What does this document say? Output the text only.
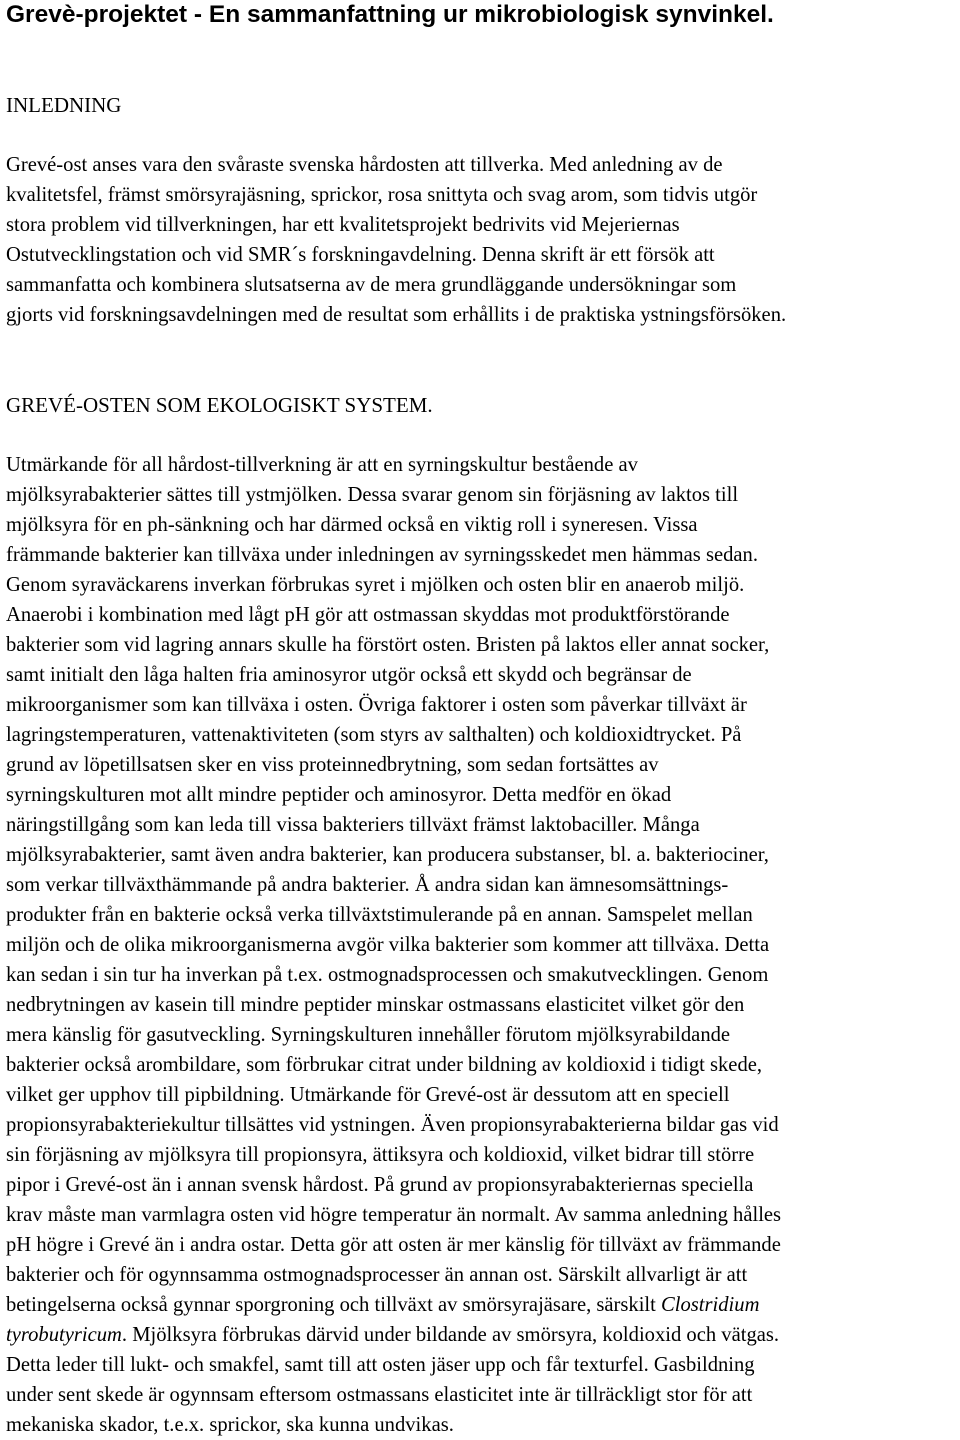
Grevè-projektet - En sammanfattning ur mikrobiologisk synvinkel.
INLEDNING
Grevé-ost anses vara den svåraste svenska hårdosten att tillverka. Med anledning av de
kvalitetsfel, främst smörsyrajäsning, sprickor, rosa snittyta och svag arom, som tidvis utgör
stora problem vid tillverkningen, har ett kvalitetsprojekt bedrivits vid Mejeriernas
Ostutvecklingstation och vid SMR´s forskningavdelning. Denna skrift är ett försök att
sammanfatta och kombinera slutsatserna av de mera grundläggande undersökningar som
gjorts vid forskningsavdelningen med de resultat som erhållits i de praktiska ystningsförsöken.
GREVÉ-OSTEN SOM EKOLOGISKT SYSTEM.
Utmärkande för all hårdost-tillverkning är att en syrningskultur bestående av
mjölksyrabakterier sättes till ystmjölken. Dessa svarar genom sin förjäsning av laktos till
mjölksyra för en ph-sänkning och har därmed också en viktig roll i syneresen. Vissa
främmande bakterier kan tillväxa under inledningen av syrningsskedet men hämmas sedan.
Genom syraväckarens inverkan förbrukas syret i mjölken och osten blir en anaerob miljö.
Anaerobi i kombination med lågt pH gör att ostmassan skyddas mot produktförstörande
bakterier som vid lagring annars skulle ha förstört osten. Bristen på laktos eller annat socker,
samt initialt den låga halten fria aminosyror utgör också ett skydd och begränsar de
mikroorganismer som kan tillväxa i osten. Övriga faktorer i osten som påverkar tillväxt är
lagringstemperaturen, vattenaktiviteten (som styrs av salthalten) och koldioxidtrycket. På
grund av löpetillsatsen sker en viss proteinnedbrytning, som sedan fortsättes av
syrningskulturen mot allt mindre peptider och aminosyror. Detta medför en ökad
näringstillgång som kan leda till vissa bakteriers tillväxt främst laktobaciller. Många
mjölksyrabakterier, samt även andra bakterier, kan producera substanser, bl. a. bakteriociner,
som verkar tillväxthämmande på andra bakterier. Å andra sidan kan ämnesomsättnings-
produkter från en bakterie också verka tillväxtstimulerande på en annan. Samspelet mellan
miljön och de olika mikroorganismerna avgör vilka bakterier som kommer att tillväxa. Detta
kan sedan i sin tur ha inverkan på t.ex. ostmognadsprocessen och smakutvecklingen. Genom
nedbrytningen av kasein till mindre peptider minskar ostmassans elasticitet vilket gör den
mera känslig för gasutveckling. Syrningskulturen innehåller förutom mjölksyrabildande
bakterier också arombildare, som förbrukar citrat under bildning av koldioxid i tidigt skede,
vilket ger upphov till pipbildning. Utmärkande för Grevé-ost är dessutom att en speciell
propionsyrabakteriekultur tillsättes vid ystningen. Även propionsyrabakterierna bildar gas vid
sin förjäsning av mjölksyra till propionsyra, ättiksyra och koldioxid, vilket bidrar till större
pipor i Grevé-ost än i annan svensk hårdost. På grund av propionsyrabakteriernas speciella
krav måste man varmlagra osten vid högre temperatur än normalt. Av samma anledning hålles
pH högre i Grevé än i andra ostar. Detta gör att osten är mer känslig för tillväxt av främmande
bakterier och för ogynnsamma ostmognadsprocesser än annan ost. Särskilt allvarligt är att
betingelserna också gynnar sporgroning och tillväxt av smörsyrajäsare, särskilt Clostridium
tyrobutyricum. Mjölksyra förbrukas därvid under bildande av smörsyra, koldioxid och vätgas.
Detta leder till lukt- och smakfel, samt till att osten jäser upp och får texturfel. Gasbildning
under sent skede är ogynnsam eftersom ostmassans elasticitet inte är tillräckligt stor för att
mekaniska skador, t.e.x. sprickor, ska kunna undvikas.
